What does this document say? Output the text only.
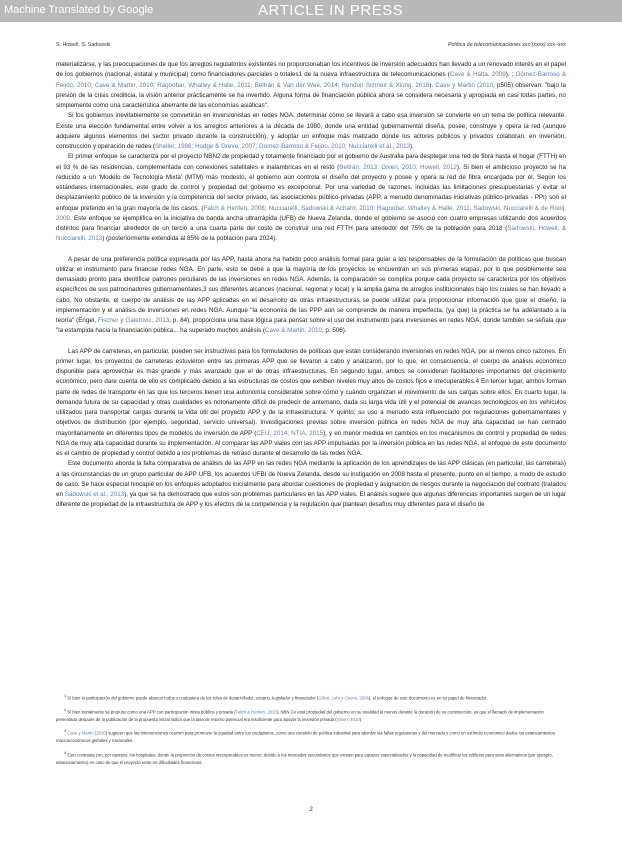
Machine Translated by Google	ARTICLE IN PRESS
S. Howell, S. Sadowski	Política de telecomunicaciones xxx (xxxx) xxx–xxx

materializarse, y las preocupaciones de que los arreglos regulatorios existentes no proporcionaban los incentivos de inversión adecuados han llevado a un renovado interés en el papel de los gobiernos (nacional, estatal y municipal) como financiadores parciales o totales1 de la nueva infraestructura de telecomunicaciones (Cave & Hatta, 2009). ; Gómez-Barroso & Feijóo, 2010; Cave & Martin, 2010; Ragoobar, Whalley & Halle, 2011; Beltrán & Van der Wee, 2014; Rendon Schneir & Xiong, 2016). Cave y Martin (2010, p505) observan: "bajo la presión de la crisis crediticia, la visión anterior prácticamente se ha invertido. Alguna forma de financiación pública ahora se considera necesaria y apropiada en casi todas partes, no simplemente como una característica aberrante de las economías asiáticas".

Si los gobiernos inevitablemente se convertirán en inversionistas en redes NGA, determinar cómo se llevará a cabo esa inversión se convierte en un tema de política relevante. Existe una elección fundamental entre volver a los arreglos anteriores a la década de 1980, donde una entidad gubernamental diseña, posee, construye y opera la red (aunque adquiere algunos elementos del sector privado durante la construcción), y adoptar un enfoque más matizado donde los actores públicos y privados colaboran. en inversión, construcción y operación de redes (Sheller, 1998; Hodge & Greve, 2007; Gómez-Barroso & Feijóo, 2010; Nucciarelli et al., 2013).

El primer enfoque se caracteriza por el proyecto NBN2 de propiedad y totalmente financiado por el gobierno de Australia para desplegar una red de fibra hasta el hogar (FTTH) en el 93 % de las residencias, complementada con conexiones satelitales e inalámbricas en el resto (Beltrán, 2013; Given, 2010; Howell, 2012). Si bien el ambicioso proyecto se ha reducido a un 'Modelo de Tecnología Mixta' (MTM) más modesto, el gobierno aún controla el diseño del proyecto y posee y opera la red de fibra encargada por él. Según los estándares internacionales, este grado de control y propiedad del gobierno es excepcional. Por una variedad de razones, incluidas las limitaciones presupuestarias y evitar el desplazamiento público de la inversión y la competencia del sector privado, las asociaciones público-privadas (APP, a menudo denominadas iniciativas público-privadas - PPI) son el enfoque preferido en la gran mayoría de los casos. (Falch & Henten, 2008; Nucciarelli, Sadowski & Achard, 2010; Ragoobar, Whalley & Halle, 2011; Sadowski, Nucciarelli & de Rooij, 2009. Este enfoque se ejemplifica en la iniciativa de banda ancha ultrarrápida (UFB) de Nueva Zelanda, donde el gobierno se asoció con cuatro empresas utilizando dos acuerdos distintos para financiar alrededor de un tercio a una cuarta parte del costo de construir una red FTTH para alrededor del 75% de la población para 2018 (Sadowski, Howell, & Nucciarelli, 2013) (posteriormente extendida al 85% de la población para 2024).

A pesar de una preferencia política expresada por las APP, hasta ahora ha habido poco análisis formal para guiar a los responsables de la formulación de políticas que buscan utilizar el instrumento para financiar redes NGA. En parte, esto se debe a que la mayoría de los proyectos se encuentran en sus primeras etapas, por lo que posiblemente sea demasiado pronto para identificar patrones peculiares de las inversiones en redes NGA. Además, la comparación se complica porque cada proyecto se caracteriza por los objetivos específicos de sus patrocinadores gubernamentales,3 sus diferentes alcances (nacional, regional y local) y la amplia gama de arreglos institucionales bajo los cuales se han llevado a cabo. No obstante, el cuerpo de análisis de las APP aplicadas en el desarrollo de otras infraestructuras se puede utilizar para proporcionar información que guíe el diseño, la implementación y el análisis de inversiones en redes NGA. Aunque "la economía de las PPP aún se comprende de manera imperfecta, (ya que) la práctica se ha adelantado a la teoría" (Engel, Fischer y Galetovic, 2013, p. 84), proporciona una base lógica para pensar sobre el uso del instrumento para inversiones en redes NGA, donde también se señala que "la estampida hacia la financiación pública... ha superado muchos análisis (Cave & Martin, 2010, p. 506).

Las APP de carreteras, en particular, pueden ser instructivas para los formuladores de políticas que están considerando inversiones en redes NGA, por al menos cinco razones. En primer lugar, los proyectos de carreteras estuvieron entre las primeras APP que se llevaron a cabo y analizaron, por lo que, en consecuencia, el cuerpo de análisis económico disponible para aprovechar es más grande y más avanzado que el de otras infraestructuras. En segundo lugar, ambos se consideran facilitadores importantes del crecimiento económico, pero dare cuenta de ello es complicado debido a las estructuras de costos que exhiben niveles muy altos de costos fijos e irrecuperables.4 En tercer lugar, ambos forman parte de redes de transporte en las que los terceros tienen una autonomía considerable sobre cómo y cuándo organizan el movimiento de sus cargas sobre ellos. En cuarto lugar, la demanda futura de su capacidad y otras cualidades es notoriamente difícil de predecir de antemano, dada su larga vida útil y el potencial de avances tecnológicos en los vehículos utilizados para transportar cargas durante la vida útil del proyecto APP y de la infraestructura. Y quinto, su uso a menudo está influenciado por regulaciones gubernamentales y objetivos de distribución (por ejemplo, seguridad, servicio universal). Investigaciones previas sobre inversión pública en redes NGA de muy alta capacidad se han centrado mayoritariamente en diferentes tipos de modelos de inversión de APP (CEU, 2014; NTIA, 2015), y en menor medida en cambios en los mecanismos de control y propiedad de redes NGA de muy alta capacidad durante su implementación. Al comparar las APP viales con las APP impulsadas por la inversión pública en las redes NGA, el enfoque de este documento es el cambio de propiedad y control debido a los problemas de retraso durante el desarrollo de las redes NGA.

Este documento aborda la falta comparativa de análisis de las APP en las redes NGA mediante la aplicación de los aprendizajes de las APP clásicas (en particular, las carreteras) a las circunstancias de un grupo particular de APP UFB, los acuerdos UFBI de Nueva Zelanda, desde su instigación en 2008 hasta el presente. punto en el tiempo, a modo de estudio de caso. Se hace especial hincapié en los enfoques adoptados inicialmente para abordar cuestiones de propiedad y asignación de riesgos durante la negociación del contrato (tratados en Sadowski et al., 2013), ya que se ha demostrado que estos son problemas particulares en las APP viales. El análisis sugiere que algunas diferencias importantes surgen de un lugar diferente de propiedad de la infraestructura de APP y los efectos de la competencia y la regulación que plantean desafíos muy diferentes para el diseño de

$^1$ Si bien la participación del gobierno puede abarcar todos o cualquiera de los roles de desarrollador, usuario, legislador y financiador (Gillett, Lehr y Osorio, 2006), el enfoque de este documento es en su papel de financiador.

$^2$ Si bien inicialmente se propuso como una APP con participación mixta pública y privada (Falch & Henten, 2010), NBN Co está propiedad del gobierno en su totalidad al menos durante la duración de su construcción, ya que el llamado de implementación presentado después de la publicación de la propuesta inicial indicó que la tasa de retorno potencial era insuficiente para apoyar la inversión privada (Given, 2010).

$^3$ Cave y Martin (2010) sugieren que las intervenciones ocurren para promover la equidad entre los ciudadanos, como una cuestión de política industrial para abordar las fallas regulatorias y del mercado y como un estímulo económico dados los estancamientos macroeconómicos globales y nacionales.

$^4$ Esto contrasta con, por ejemplo, los hospitales, donde la proporción de costos irrecuperables es menor, debido a los mercados secundarios que existen para equipos especializados y la capacidad de modificar los edificios para usos alternativos (por ejemplo, estacionamiento) en caso de que el proyecto entre en dificultades financieras.

2
